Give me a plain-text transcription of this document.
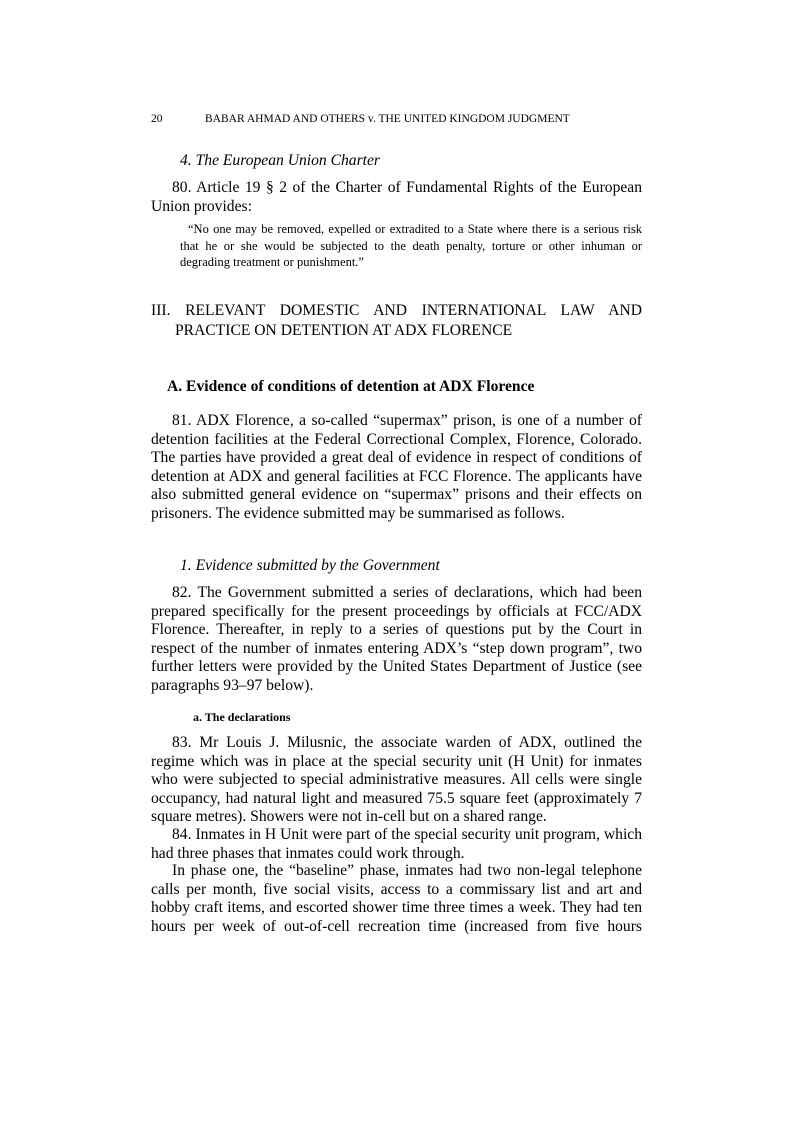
20	BABAR AHMAD AND OTHERS v. THE UNITED KINGDOM JUDGMENT
4. The European Union Charter
80. Article 19 § 2 of the Charter of Fundamental Rights of the European Union provides:
“No one may be removed, expelled or extradited to a State where there is a serious risk that he or she would be subjected to the death penalty, torture or other inhuman or degrading treatment or punishment.”
III. RELEVANT DOMESTIC AND INTERNATIONAL LAW AND
PRACTICE ON DETENTION AT ADX FLORENCE
A. Evidence of conditions of detention at ADX Florence
81. ADX Florence, a so-called “supermax” prison, is one of a number of detention facilities at the Federal Correctional Complex, Florence, Colorado. The parties have provided a great deal of evidence in respect of conditions of detention at ADX and general facilities at FCC Florence. The applicants have also submitted general evidence on “supermax” prisons and their effects on prisoners. The evidence submitted may be summarised as follows.
1. Evidence submitted by the Government
82. The Government submitted a series of declarations, which had been prepared specifically for the present proceedings by officials at FCC/ADX Florence. Thereafter, in reply to a series of questions put by the Court in respect of the number of inmates entering ADX’s “step down program”, two further letters were provided by the United States Department of Justice (see paragraphs 93–97 below).
a. The declarations
83. Mr Louis J. Milusnic, the associate warden of ADX, outlined the regime which was in place at the special security unit (H Unit) for inmates who were subjected to special administrative measures. All cells were single occupancy, had natural light and measured 75.5 square feet (approximately 7 square metres). Showers were not in-cell but on a shared range.
84. Inmates in H Unit were part of the special security unit program, which had three phases that inmates could work through.
In phase one, the “baseline” phase, inmates had two non-legal telephone calls per month, five social visits, access to a commissary list and art and hobby craft items, and escorted shower time three times a week. They had ten hours per week of out-of-cell recreation time (increased from five hours
